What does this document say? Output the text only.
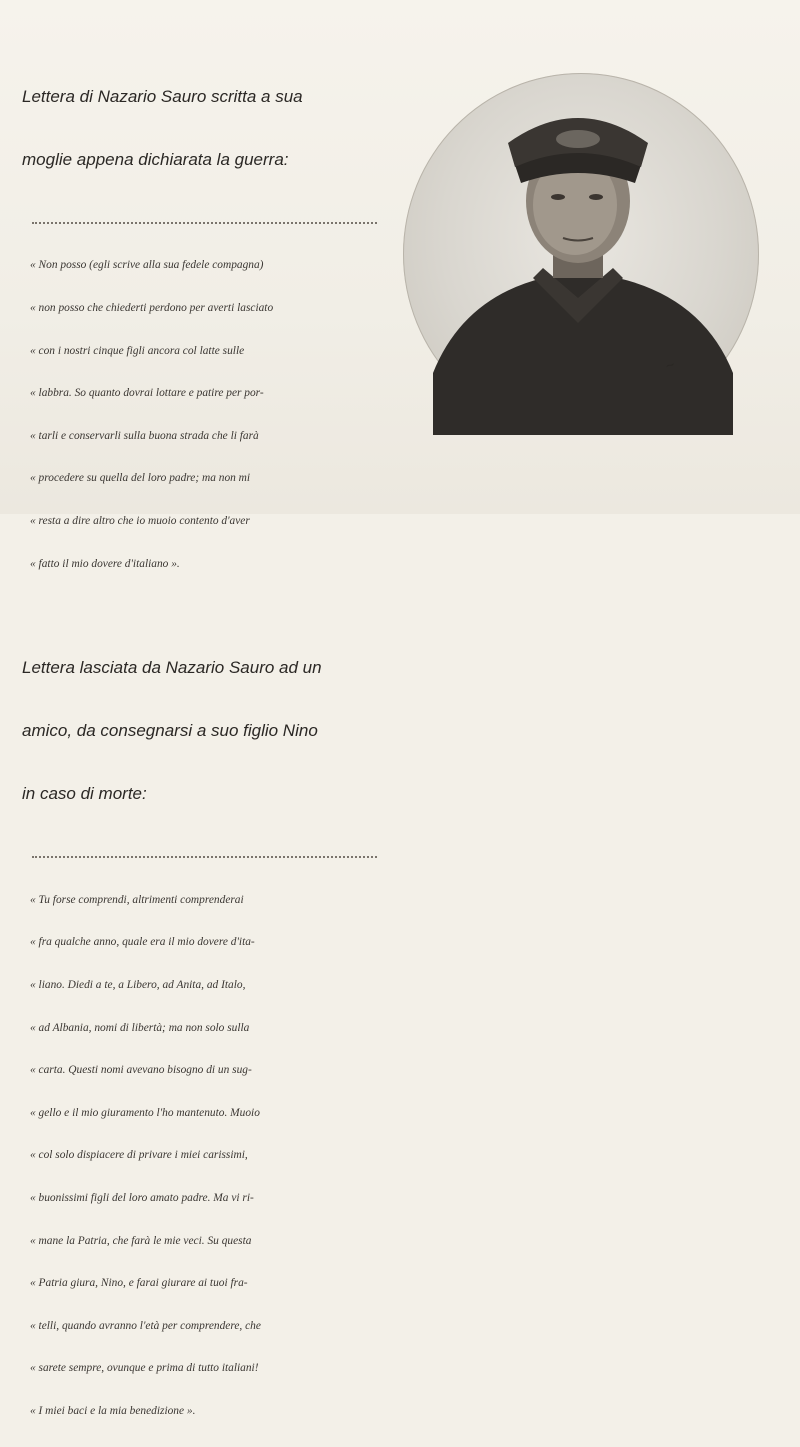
Lettera di Nazario Sauro scritta a sua

moglie appena dichiarata la guerra:

« Non posso (egli scrive alla sua fedele compagna)

« non posso che chiederti perdono per averti lasciato

« con i nostri cinque figli ancora col latte sulle

« labbra. So quanto dovrai lottare e patire per por-

« tarli e conservarli sulla buona strada che li farà

« procedere su quella del loro padre; ma non mi

« resta a dire altro che io muoio contento d'aver

« fatto il mio dovere d'italiano ».

Lettera lasciata da Nazario Sauro ad un

amico, da consegnarsi a suo figlio Nino

in caso di morte:

« Tu forse comprendi, altrimenti comprenderai

« fra qualche anno, quale era il mio dovere d'ita-

« liano. Diedi a te, a Libero, ad Anita, ad Italo,

« ad Albania, nomi di libertà; ma non solo sulla

« carta. Questi nomi avevano bisogno di un sug-

« gello e il mio giuramento l'ho mantenuto. Muoio

« col solo dispiacere di privare i miei carissimi,

« buonissimi figli del loro amato padre. Ma vi ri-

« mane la Patria, che farà le mie veci. Su questa

« Patria giura, Nino, e farai giurare ai tuoi fra-

« telli, quando avranno l'età per comprendere, che

« sarete sempre, ovunque e prima di tutto italiani!

« I miei baci e la mia benedizione ».

~
